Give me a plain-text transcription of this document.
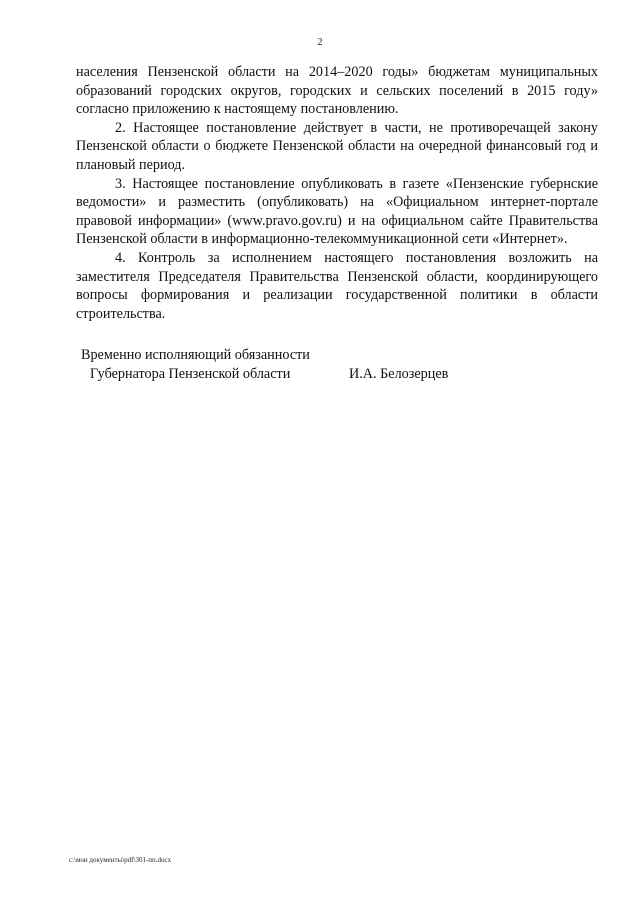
2

населения Пензенской области на 2014–2020 годы» бюджетам муниципальных образований городских округов, городских и сельских поселений в 2015 году» согласно приложению к настоящему постановлению.

2. Настоящее постановление действует в части, не противоречащей закону Пензенской области о бюджете Пензенской области на очередной финансовый год и плановый период.

3. Настоящее постановление опубликовать в газете «Пензенские губернские ведомости» и разместить (опубликовать) на «Официальном интернет-портале правовой информации» (www.pravo.gov.ru) и на официальном сайте Правительства Пензенской области в информационно-телекоммуникационной сети «Интернет».

4. Контроль за исполнением настоящего постановления возложить на заместителя Председателя Правительства Пензенской области, координирующего вопросы формирования и реализации государственной политики в области строительства.

Временно исполняющий обязанности
Губернатора Пензенской области	И.А. Белозерцев
c:\мои документы\pdf\301-пп.docx
